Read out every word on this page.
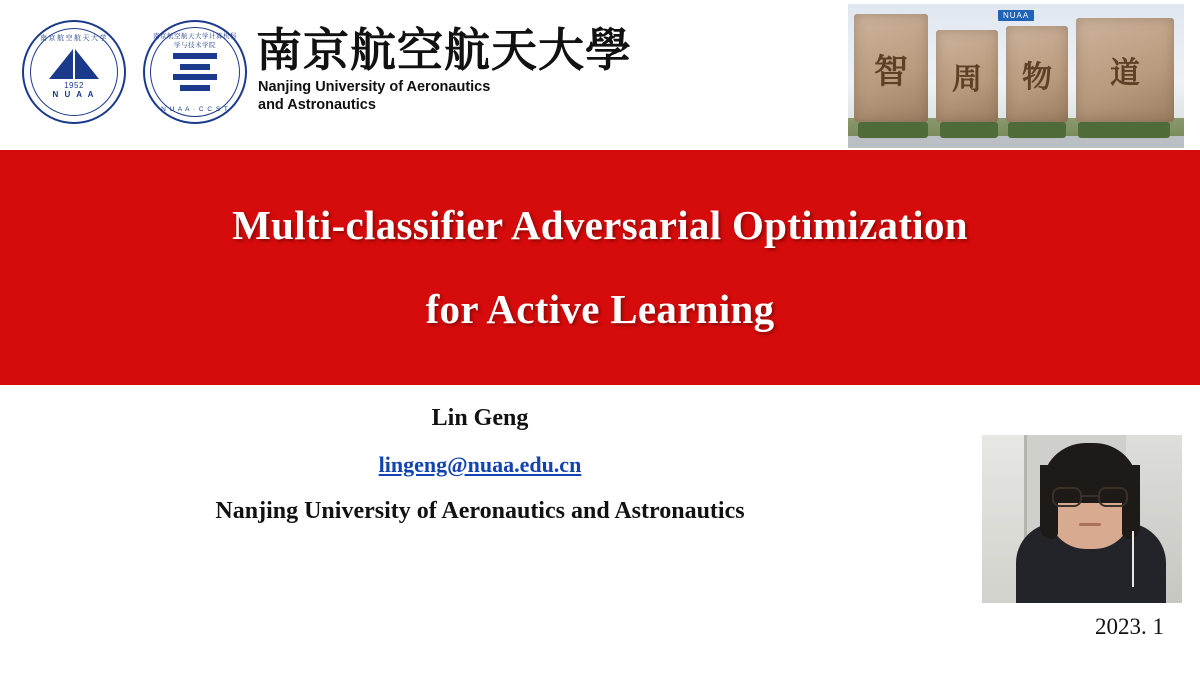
南京航空航天大学
1952
N U A A
南京航空航天大学计算机科学与技术学院
N U A A · C C S T
南京航空航天大學
Nanjing University of Aeronautics
and Astronautics
智	周	物	道
NUAA
Multi-classifier Adversarial Optimization
for Active Learning
Lin Geng
lingeng@nuaa.edu.cn
Nanjing University of Aeronautics and Astronautics
2023. 1
